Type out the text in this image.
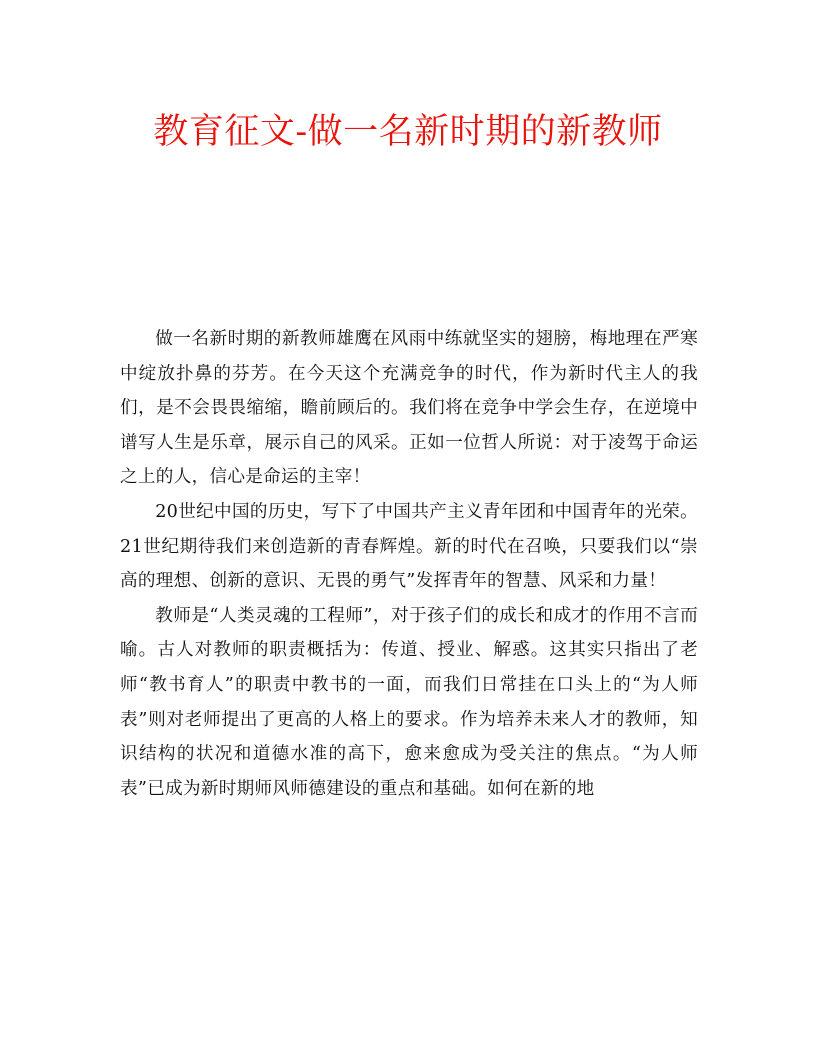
教育征文-做一名新时期的新教师

做一名新时期的新教师雄鹰在风雨中练就坚实的翅膀，梅地理在严寒中绽放扑鼻的芬芳。在今天这个充满竞争的时代，作为新时代主人的我们，是不会畏畏缩缩，瞻前顾后的。我们将在竞争中学会生存，在逆境中谱写人生是乐章，展示自己的风采。正如一位哲人所说：对于凌驾于命运之上的人，信心是命运的主宰！

20世纪中国的历史，写下了中国共产主义青年团和中国青年的光荣。21世纪期待我们来创造新的青春辉煌。新的时代在召唤，只要我们以“崇高的理想、创新的意识、无畏的勇气”发挥青年的智慧、风采和力量！

教师是“人类灵魂的工程师”，对于孩子们的成长和成才的作用不言而喻。古人对教师的职责概括为：传道、授业、解惑。这其实只指出了老师“教书育人”的职责中教书的一面，而我们日常挂在口头上的“为人师表”则对老师提出了更高的人格上的要求。作为培养未来人才的教师，知识结构的状况和道德水准的高下，愈来愈成为受关注的焦点。“为人师表”已成为新时期师风师德建设的重点和基础。如何在新的地
